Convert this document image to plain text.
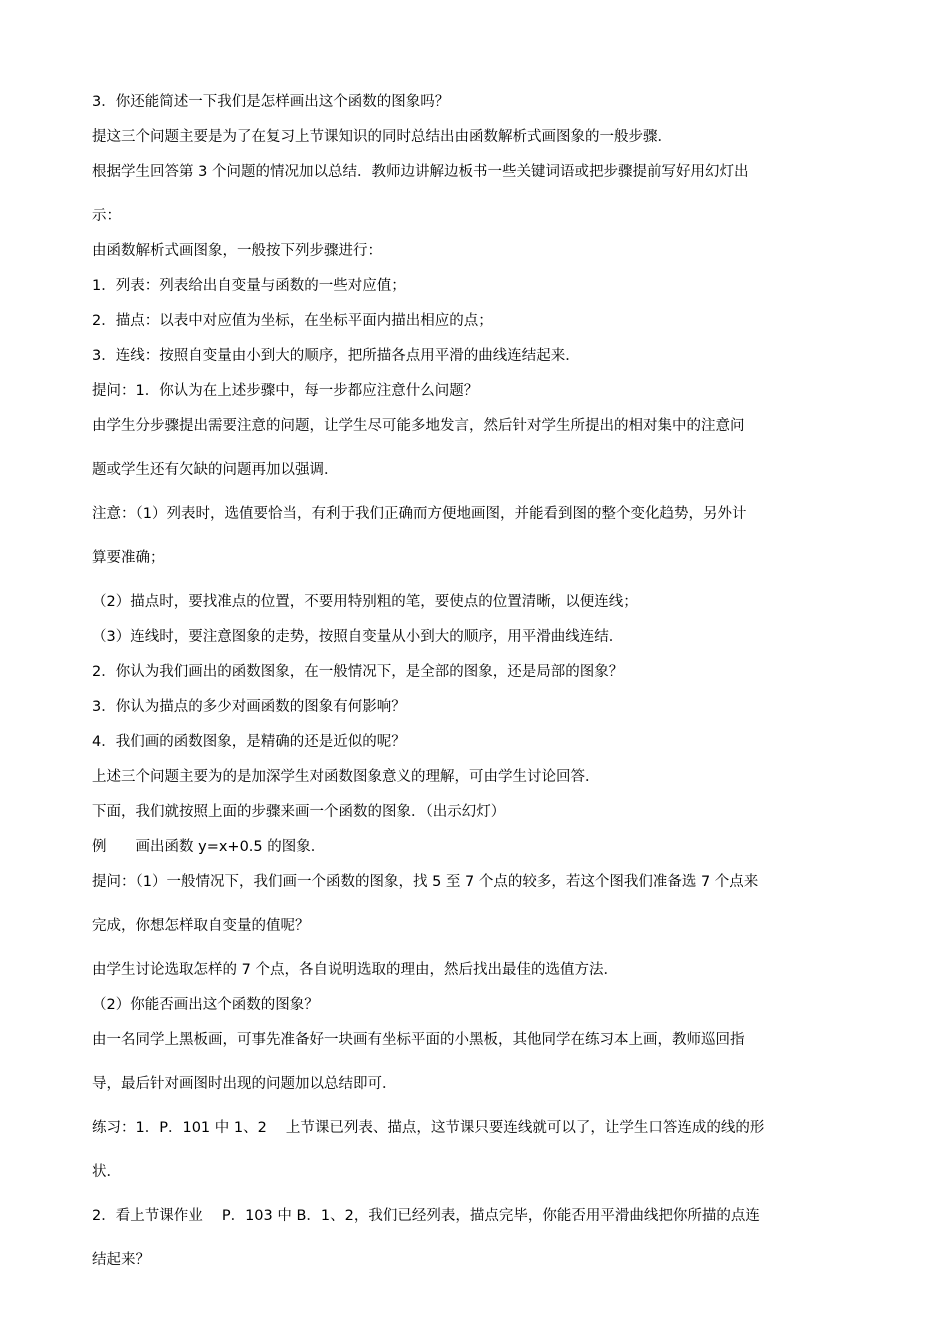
3．你还能简述一下我们是怎样画出这个函数的图象吗？

提这三个问题主要是为了在复习上节课知识的同时总结出由函数解析式画图象的一般步骤．

根据学生回答第 3 个问题的情况加以总结．教师边讲解边板书一些关键词语或把步骤提前写好用幻灯出

示：

由函数解析式画图象，一般按下列步骤进行：

1．列表：列表给出自变量与函数的一些对应值；

2．描点：以表中对应值为坐标，在坐标平面内描出相应的点；

3．连线：按照自变量由小到大的顺序，把所描各点用平滑的曲线连结起来．

提问：1．你认为在上述步骤中，每一步都应注意什么问题？

由学生分步骤提出需要注意的问题，让学生尽可能多地发言，然后针对学生所提出的相对集中的注意问

题或学生还有欠缺的问题再加以强调．

注意：（1）列表时，选值要恰当，有利于我们正确而方便地画图，并能看到图的整个变化趋势，另外计

算要准确；

（2）描点时，要找准点的位置，不要用特别粗的笔，要使点的位置清晰，以便连线；

（3）连线时，要注意图象的走势，按照自变量从小到大的顺序，用平滑曲线连结．

2．你认为我们画出的函数图象，在一般情况下，是全部的图象，还是局部的图象？

3．你认为描点的多少对画函数的图象有何影响？

4．我们画的函数图象，是精确的还是近似的呢？

上述三个问题主要为的是加深学生对函数图象意义的理解，可由学生讨论回答．

下面，我们就按照上面的步骤来画一个函数的图象．（出示幻灯）

例　　画出函数 y=x+0.5 的图象．

提问：（1）一般情况下，我们画一个函数的图象，找 5 至 7 个点的较多，若这个图我们准备选 7 个点来

完成，你想怎样取自变量的值呢？

由学生讨论选取怎样的 7 个点，各自说明选取的理由，然后找出最佳的选值方法．

（2）你能否画出这个函数的图象？

由一名同学上黑板画，可事先准备好一块画有坐标平面的小黑板，其他同学在练习本上画，教师巡回指

导，最后针对画图时出现的问题加以总结即可．

练习：1．P．101 中 1、2　 上节课已列表、描点，这节课只要连线就可以了，让学生口答连成的线的形

状．

2．看上节课作业　 P．103 中 B．1、2，我们已经列表，描点完毕，你能否用平滑曲线把你所描的点连

结起来？
